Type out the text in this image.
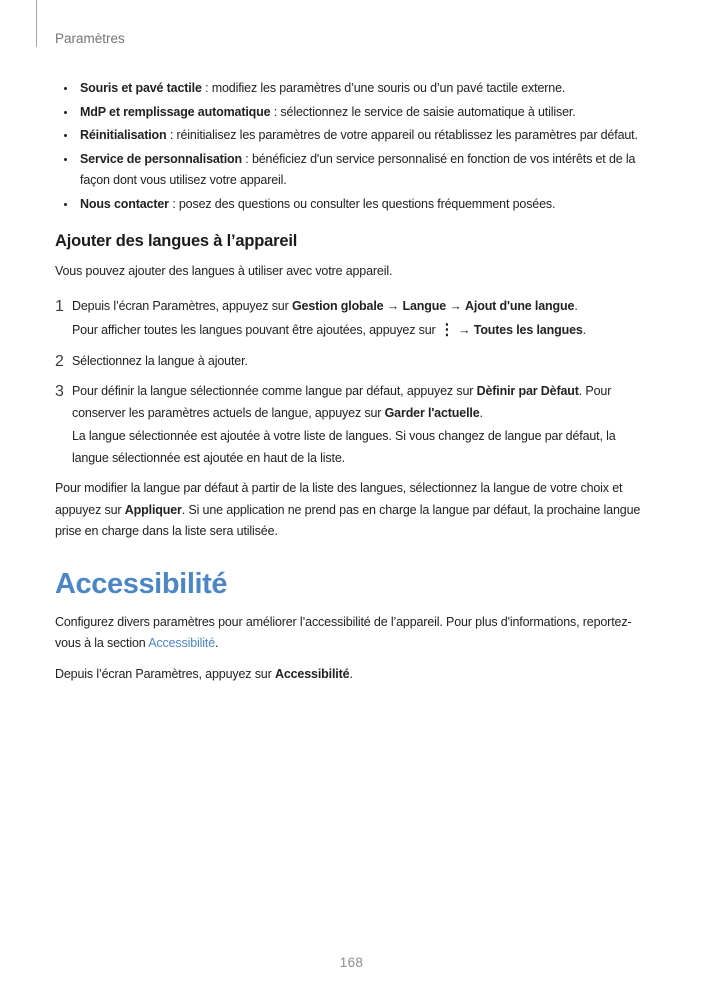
Paramètres
Souris et pavé tactile : modifiez les paramètres d’une souris ou d’un pavé tactile externe.
MdP et remplissage automatique : sélectionnez le service de saisie automatique à utiliser.
Réinitialisation : réinitialisez les paramètres de votre appareil ou rétablissez les paramètres par défaut.
Service de personnalisation : bénéficiez d'un service personnalisé en fonction de vos intérêts et de la façon dont vous utilisez votre appareil.
Nous contacter : posez des questions ou consulter les questions fréquemment posées.
Ajouter des langues à l’appareil

Vous pouvez ajouter des langues à utiliser avec votre appareil.

1 Depuis l’écran Paramètres, appuyez sur Gestion globale → Langue → Ajout d'une langue.

Pour afficher toutes les langues pouvant être ajoutées, appuyez sur ⋮ → Toutes les langues.

2 Sélectionnez la langue à ajouter.

3 Pour définir la langue sélectionnée comme langue par défaut, appuyez sur Dèfinir par Dèfaut. Pour conserver les paramètres actuels de langue, appuyez sur Garder l'actuelle.

La langue sélectionnée est ajoutée à votre liste de langues. Si vous changez de langue par défaut, la langue sélectionnée est ajoutée en haut de la liste.

Pour modifier la langue par défaut à partir de la liste des langues, sélectionnez la langue de votre choix et appuyez sur Appliquer. Si une application ne prend pas en charge la langue par défaut, la prochaine langue prise en charge dans la liste sera utilisée.

Accessibilité

Configurez divers paramètres pour améliorer l’accessibilité de l’appareil. Pour plus d'informations, reportez-vous à la section Accessibilité.

Depuis l’écran Paramètres, appuyez sur Accessibilité.

168
